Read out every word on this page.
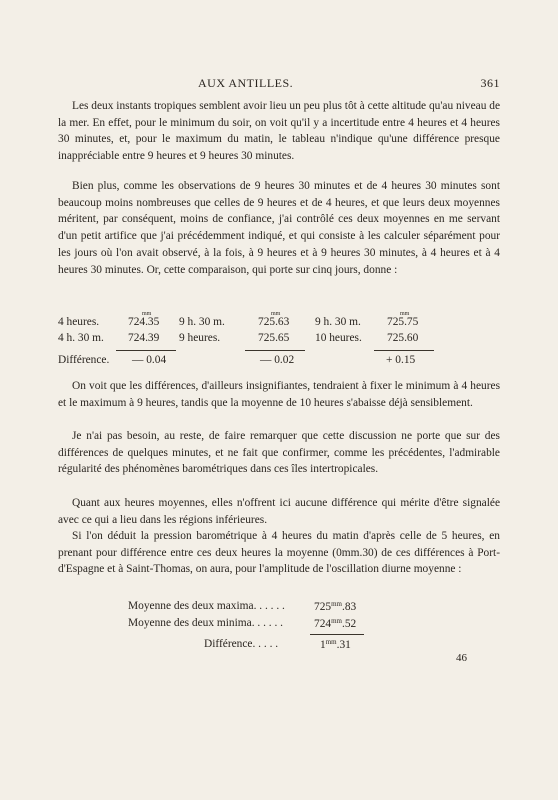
AUX ANTILLES.	361

Les deux instants tropiques semblent avoir lieu un peu plus tôt à cette altitude qu'au niveau de la mer. En effet, pour le minimum du soir, on voit qu'il y a incertitude entre 4 heures et 4 heures 30 minutes, et, pour le maximum du matin, le tableau n'indique qu'une différence presque inappréciable entre 9 heures et 9 heures 30 minutes.

Bien plus, comme les observations de 9 heures 30 minutes et de 4 heures 30 minutes sont beaucoup moins nombreuses que celles de 9 heures et de 4 heures, et que leurs deux moyennes méritent, par conséquent, moins de confiance, j'ai contrôlé ces deux moyennes en me servant d'un petit artifice que j'ai précédemment indiqué, et qui consiste à les calculer séparément pour les jours où l'on avait observé, à la fois, à 9 heures et à 9 heures 30 minutes, à 4 heures et à 4 heures 30 minutes. Or, cette comparaison, qui porte sur cinq jours, donne :

mm	mm	mm
4 heures.	724.35 9 h. 30 m.	725.63 9 h. 30 m. 725.75
4 h. 30 m. 724.39 9 heures.	725.65 10 heures. 725.60
Différence. — 0.04	— 0.02	+ 0.15

On voit que les différences, d'ailleurs insignifiantes, tendraient à fixer le minimum à 4 heures et le maximum à 9 heures, tandis que la moyenne de 10 heures s'abaisse déjà sensiblement.

Je n'ai pas besoin, au reste, de faire remarquer que cette discussion ne porte que sur des différences de quelques minutes, et ne fait que confirmer, comme les précédentes, l'admirable régularité des phénomènes barométriques dans ces îles intertropicales.

Quant aux heures moyennes, elles n'offrent ici aucune différence qui mérite d'être signalée avec ce qui a lieu dans les régions inférieures.

Si l'on déduit la pression barométrique à 4 heures du matin d'après celle de 5 heures, en prenant pour différence entre ces deux heures la moyenne (0mm.30) de ces différences à Port-d'Espagne et à Saint-Thomas, on aura, pour l'amplitude de l'oscillation diurne moyenne :

Moyenne des deux maxima. . . . . .	$725^{mm}.83$
Moyenne des deux minima. . . . . .	$724^{mm}.52$
Différence. . . . .	$1^{mm}.31$
46
